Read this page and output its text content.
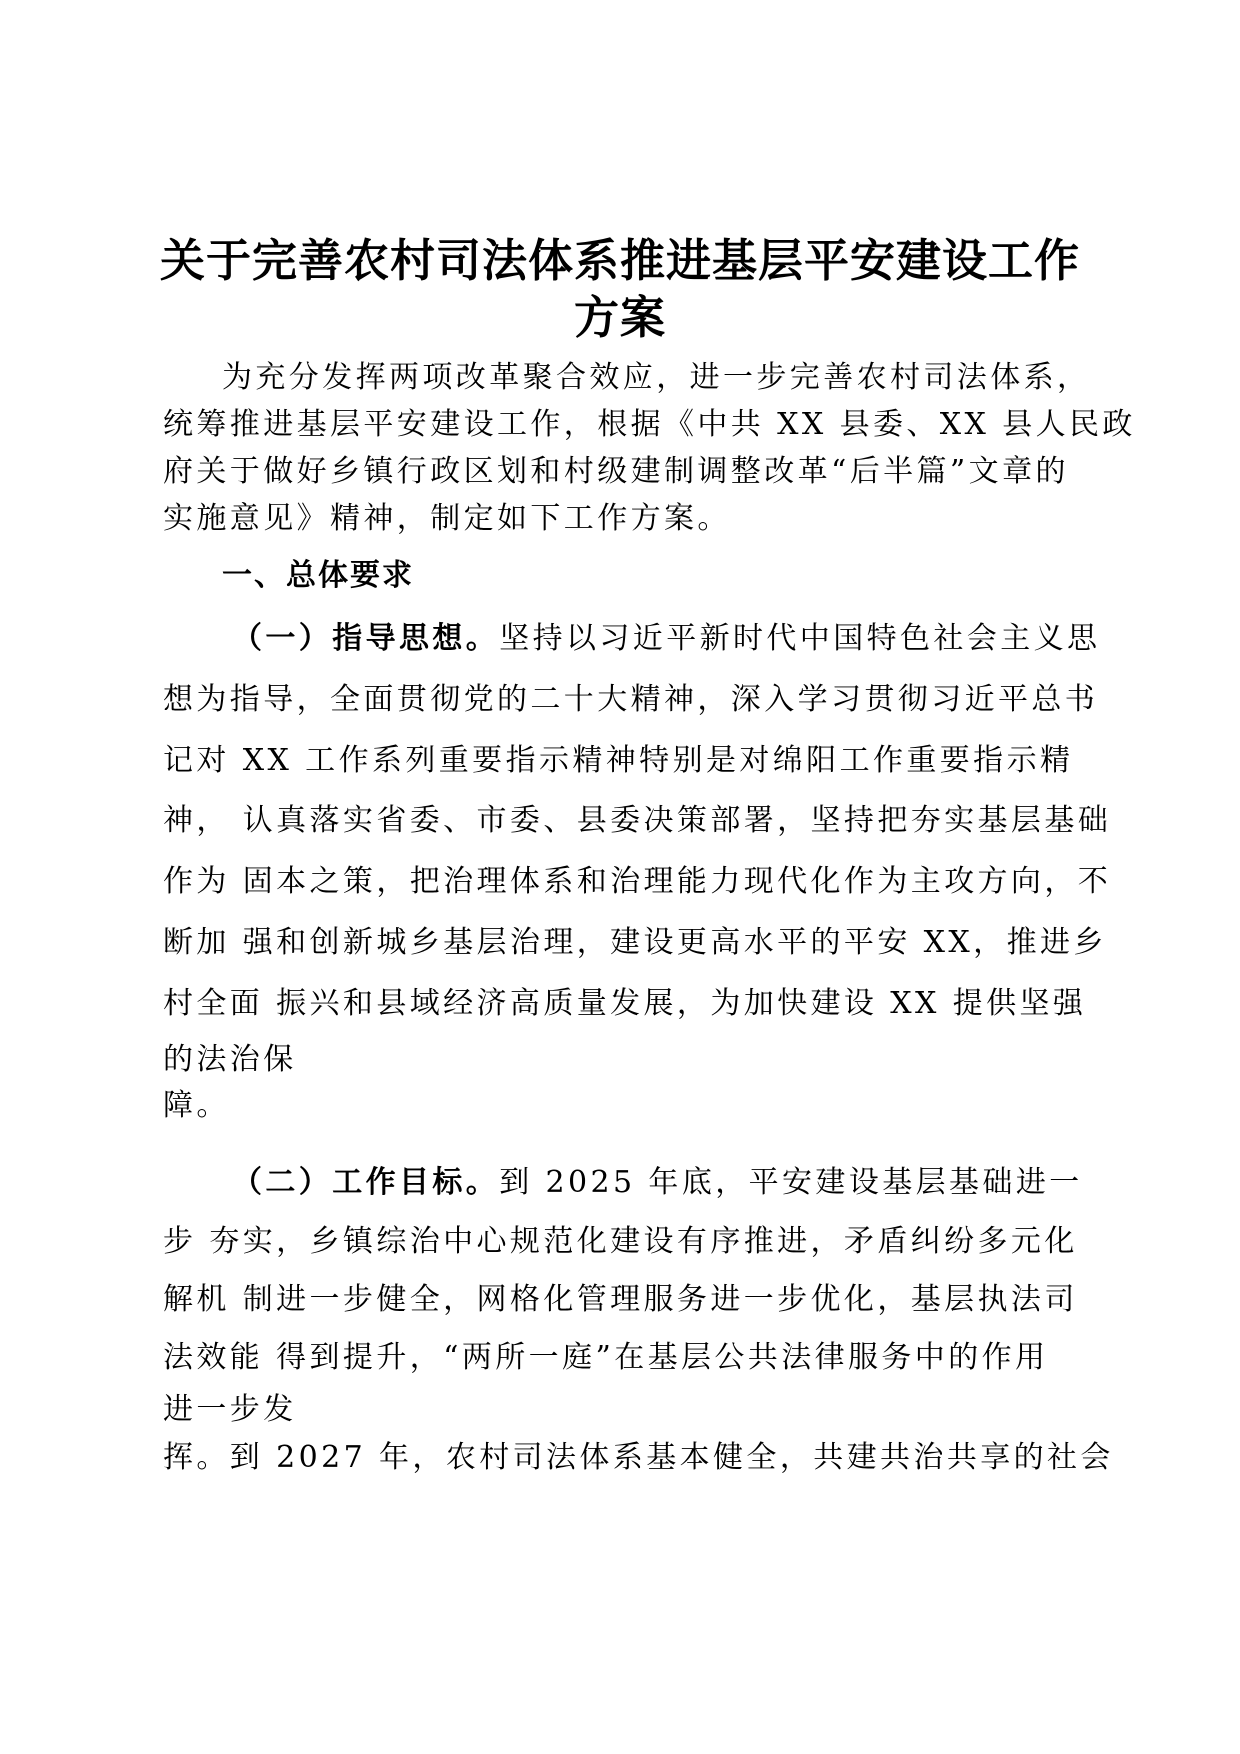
关于完善农村司法体系推进基层平安建设工作
方案
为充分发挥两项改革聚合效应，进一步完善农村司法体系，
统筹推进基层平安建设工作，根据《中共 XX 县委、XX 县人民政
府关于做好乡镇行政区划和村级建制调整改革“后半篇”文章的
实施意见》精神，制定如下工作方案。
一、总体要求
（一）指导思想。坚持以习近平新时代中国特色社会主义思
想为指导，全面贯彻党的二十大精神，深入学习贯彻习近平总书
记对 XX 工作系列重要指示精神特别是对绵阳工作重要指示精
神， 认真落实省委、市委、县委决策部署，坚持把夯实基层基础
作为 固本之策，把治理体系和治理能力现代化作为主攻方向，不
断加 强和创新城乡基层治理，建设更高水平的平安 XX，推进乡
村全面 振兴和县域经济高质量发展，为加快建设 XX 提供坚强
的法治保
障。
（二）工作目标。到 2025 年底，平安建设基层基础进一
步 夯实，乡镇综治中心规范化建设有序推进，矛盾纠纷多元化
解机 制进一步健全，网格化管理服务进一步优化，基层执法司
法效能 得到提升，“两所一庭”在基层公共法律服务中的作用
进一步发
挥。到 2027 年，农村司法体系基本健全，共建共治共享的社会
